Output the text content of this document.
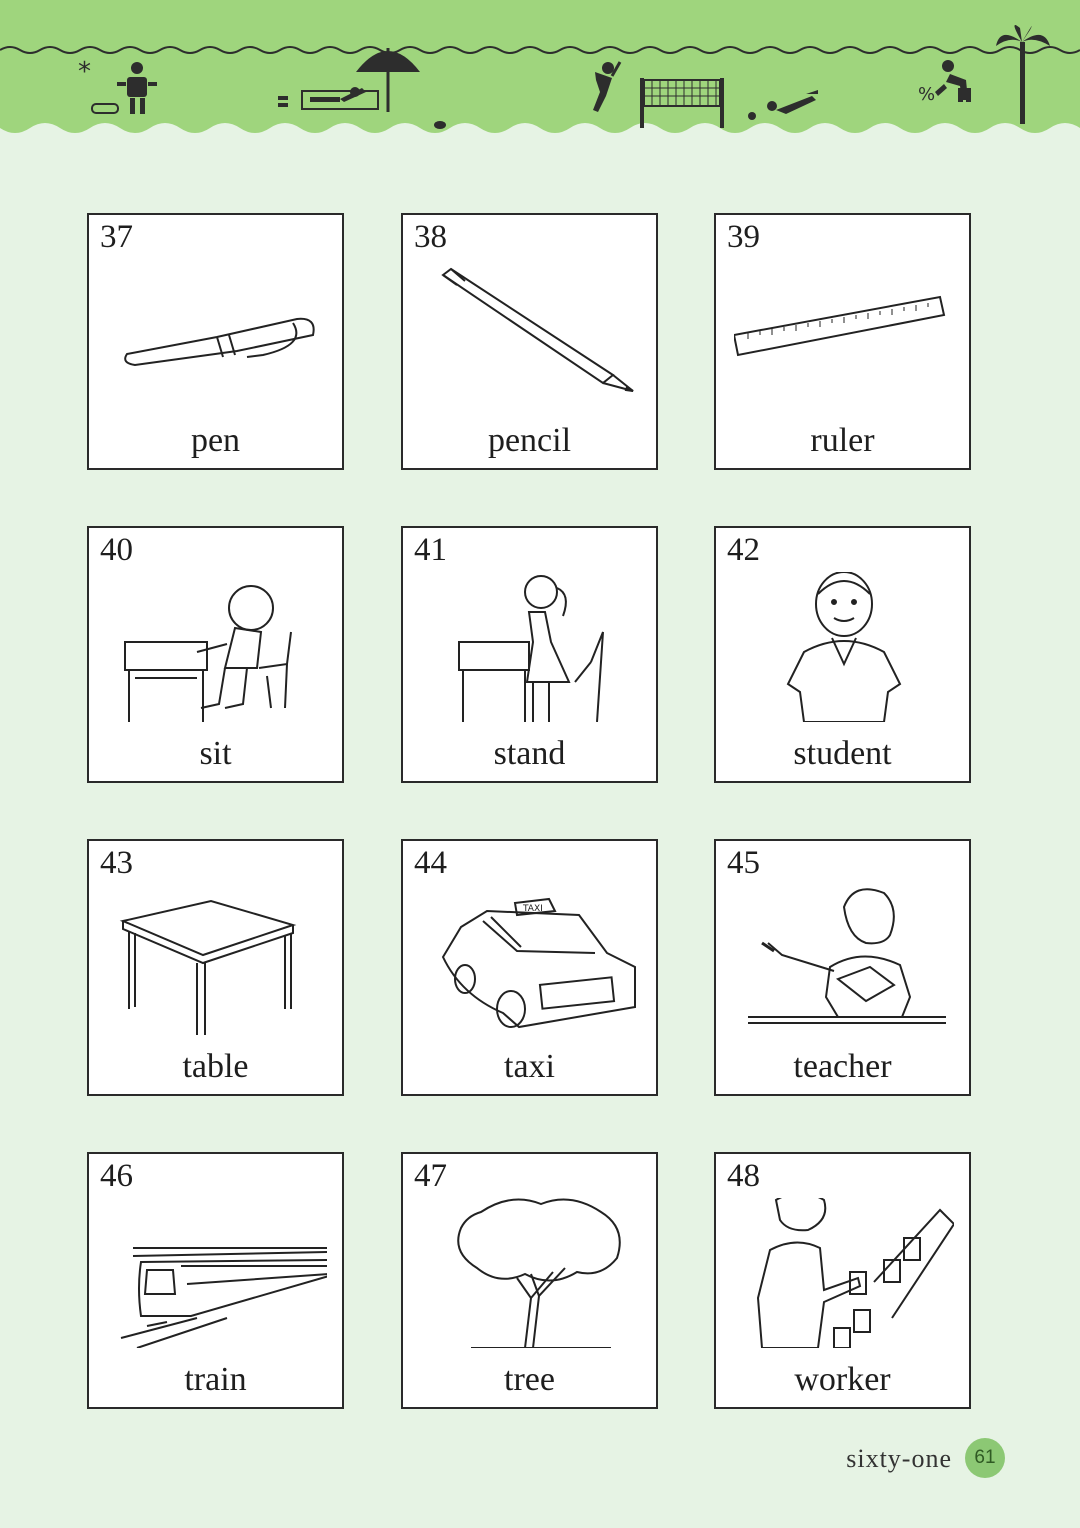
*
%
37
pen
38
pencil
39
ruler
40
sit
41
stand
42
student
43
table
44
TAXI
taxi
45
teacher
46
train
47
tree
48
worker
sixty-one	61
